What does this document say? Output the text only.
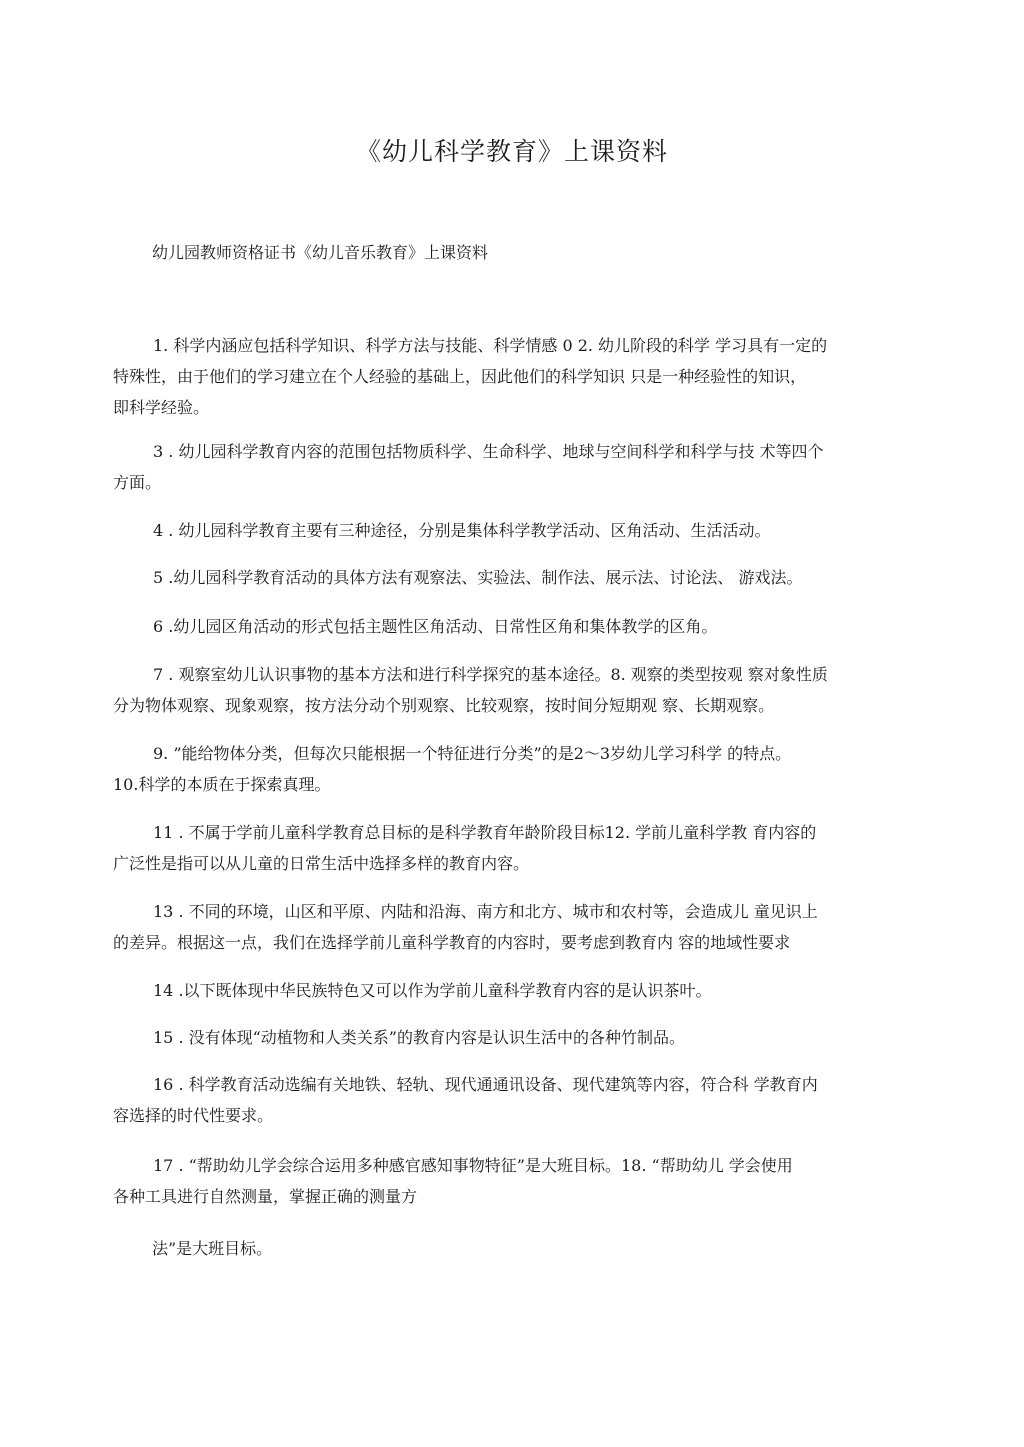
《幼儿科学教育》上课资料
幼儿园教师资格证书《幼儿音乐教育》上课资料
1. 科学内涵应包括科学知识、科学方法与技能、科学情感 0 2. 幼儿阶段的科学 学习具有一定的
特殊性，由于他们的学习建立在个人经验的基础上，因此他们的科学知识 只是一种经验性的知识，
即科学经验。
3 . 幼儿园科学教育内容的范围包括物质科学、生命科学、地球与空间科学和科学与技 术等四个
方面。
4 . 幼儿园科学教育主要有三种途径，分别是集体科学教学活动、区角活动、生活活动。
5 .幼儿园科学教育活动的具体方法有观察法、实验法、制作法、展示法、讨论法、 游戏法。
6 .幼儿园区角活动的形式包括主题性区角活动、日常性区角和集体教学的区角。
7 . 观察室幼儿认识事物的基本方法和进行科学探究的基本途径。8. 观察的类型按观 察对象性质
分为物体观察、现象观察，按方法分动个别观察、比较观察，按时间分短期观 察、长期观察。
9. ”能给物体分类，但每次只能根据一个特征进行分类”的是2～3岁幼儿学习科学 的特点。
10.科学的本质在于探索真理。
11 . 不属于学前儿童科学教育总目标的是科学教育年龄阶段目标12. 学前儿童科学教 育内容的
广泛性是指可以从儿童的日常生活中选择多样的教育内容。
13 . 不同的环境，山区和平原、内陆和沿海、南方和北方、城市和农村等，会造成儿 童见识上
的差异。根据这一点，我们在选择学前儿童科学教育的内容时，要考虑到教育内 容的地域性要求
14 .以下既体现中华民族特色又可以作为学前儿童科学教育内容的是认识茶叶。
15 . 没有体现“动植物和人类关系”的教育内容是认识生活中的各种竹制品。
16 . 科学教育活动选编有关地铁、轻轨、现代通通讯设备、现代建筑等内容，符合科 学教育内
容选择的时代性要求。
17 . “帮助幼儿学会综合运用多种感官感知事物特征”是大班目标。18. “帮助幼儿 学会使用
各种工具进行自然测量，掌握正确的测量方
法”是大班目标。
